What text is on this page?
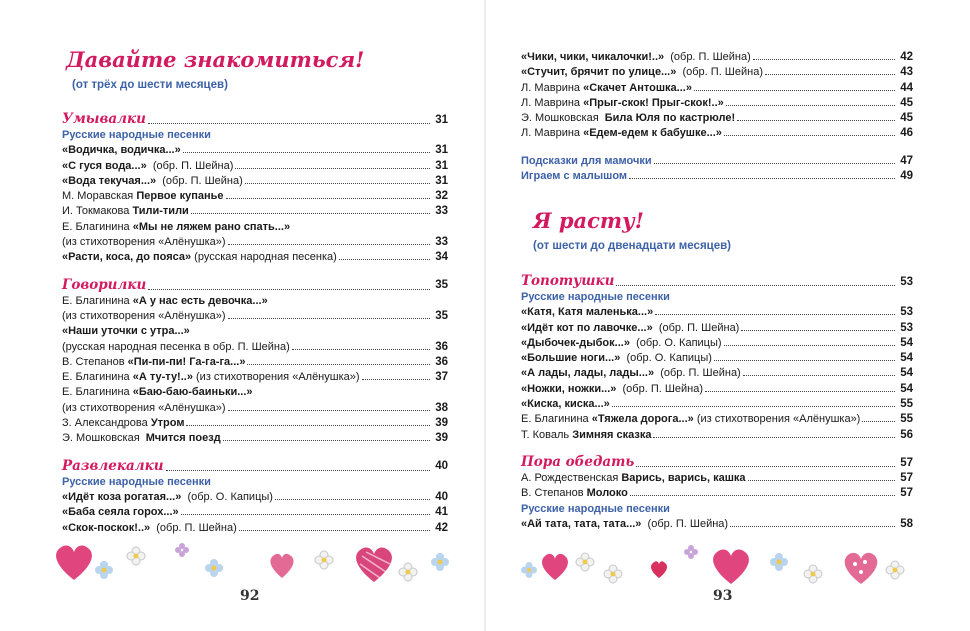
Давайте знакомиться!
(от трёх до шести месяцев)
Умывалки	31
Русские народные песенки
«Водичка, водичка...»	31
«С гуся вода...»  (обр. П. Шейна)	31
«Вода текучая...»  (обр. П. Шейна)	31
М. Моравская Первое купанье	32
И. Токмакова Тили-тили	33
Е. Благинина «Мы не ляжем рано спать...»
(из стихотворения «Алёнушка»)	33
«Расти, коса, до пояса» (русская народная песенка)	34
Говорилки	35
Е. Благинина «А у нас есть девочка...»
(из стихотворения «Алёнушка»)	35
«Наши уточки с утра...»
(русская народная песенка в обр. П. Шейна)	36
В. Степанов «Пи-пи-пи! Га-га-га...»	36
Е. Благинина «А ту-ту!..» (из стихотворения «Алёнушка»)	37
Е. Благинина «Баю-баю-баиньки...»
(из стихотворения «Алёнушка»)	38
З. Александрова Утром	39
Э. Мошковская  Мчится поезд	39
Развлекалки	40
Русские народные песенки
«Идёт коза рогатая...»  (обр. О. Капицы)	40
«Баба сеяла горох...»	41
«Скок-поскок!..»  (обр. П. Шейна)	42
92
«Чики, чики, чикалочки!..»  (обр. П. Шейна)	42
«Стучит, брячит по улице...»  (обр. П. Шейна)	43
Л. Маврина «Скачет Антошка...»	44
Л. Маврина «Прыг-скок! Прыг-скок!..»	45
Э. Мошковская  Била Юля по кастрюле!	45
Л. Маврина «Едем-едем к бабушке...»	46
Подсказки для мамочки	47
Играем с малышом	49
Я расту!
(от шести до двенадцати месяцев)
Топотушки	53
Русские народные песенки
«Катя, Катя маленька...»	53
«Идёт кот по лавочке...»  (обр. П. Шейна)	53
«Дыбочек-дыбок...»  (обр. О. Капицы)	54
«Большие ноги...»  (обр. О. Капицы)	54
«А лады, лады, лады...»  (обр. П. Шейна)	54
«Ножки, ножки...»  (обр. П. Шейна)	54
«Киска, киска...»	55
Е. Благинина «Тяжела дорога...» (из стихотворения «Алёнушка»)	55
Т. Коваль Зимняя сказка	56
Пора обедать	57
А. Рождественская Варись, варись, кашка	57
В. Степанов Молоко	57
Русские народные песенки
«Ай тата, тата, тата...»  (обр. П. Шейна)	58
93
